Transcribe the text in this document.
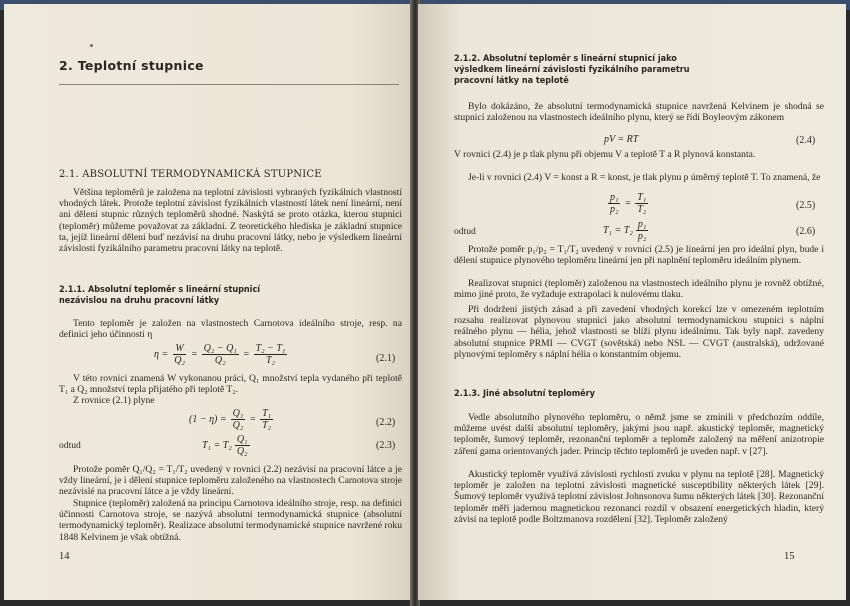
2. Teplotní stupnice

2.1. ABSOLUTNÍ TERMODYNAMICKÁ STUPNICE

Většina teploměrů je založena na teplotní závislosti vybraných fyzikálních vlastností vhodných látek. Protože teplotní závislost fyzikálních vlastností látek není lineární, není ani dělení stupnic různých teploměrů shodné. Naskýtá se proto otázka, kterou stupnici (teploměr) můžeme považovat za základní. Z teoretického hlediska je základní stupnice ta, jejíž lineární dělení buď nezávisí na druhu pracovní látky, nebo je výsledkem lineární závislosti fyzikálního parametru pracovní látky na teplotě.

2.1.1. Absolutní teploměr s lineární stupnicí nezávislou na druhu pracovní látky

Tento teploměr je založen na vlastnostech Carnotova ideálního stroje, resp. na definici jeho účinnosti η

$\eta = \frac{W}{\text{Q₂}} = \frac{\text{Q₂ − Q₁}}{\text{Q₂}} = \frac{\text{T₂ − T₁}}{\text{T₂}}$	(2.1)

V této rovnici znamená W vykonanou práci, Q₁ množství tepla vydaného při teplotě T₁ a Q₂ množství tepla přijatého při teplotě T₂.

Z rovnice (2.1) plyne

$(1 - \eta) = \frac{\text{Q₁}}{\text{Q₂}} = \frac{\text{T₁}}{\text{T₂}}$	(2.2)
odtud	$T_1 = T_2 \frac{\text{Q₁}}{\text{Q₂}}$	(2.3)

Protože poměr Q₁/Q₂ = T₁/T₂ uvedený v rovnici (2.2) nezávisí na pracovní látce a je vždy lineární, je i dělení stupnice teploměru založeného na vlastnostech Carnotova stroje nezávislé na pracovní látce a je vždy lineární.

Stupnice (teploměr) založená na principu Carnotova ideálního stroje, resp. na definici účinnosti Carnotova stroje, se nazývá absolutní termodynamická stupnice (absolutní termodynamický teploměr). Realizace absolutní termodynamické stupnice navržené roku 1848 Kelvinem je však obtížná.

14

2.1.2. Absolutní teploměr s lineární stupnicí jako výsledkem lineární závislosti fyzikálního parametru pracovní látky na teplotě

Bylo dokázáno, že absolutní termodynamická stupnice navržená Kelvinem je shodná se stupnicí založenou na vlastnostech ideálního plynu, který se řídí Boyleovým zákonem

pV = RT	(2.4)

V rovnici (2.4) je p tlak plynu při objemu V a teplotě T a R plynová konstanta.

Je-li v rovnici (2.4) V = konst a R = konst, je tlak plynu p úměrný teplotě T. To znamená, že

$\frac{\text{p₁}}{\text{p₂}} = \frac{\text{T₁}}{\text{T₂}}$	(2.5)
odtud	$T_1 = T_2 \frac{\text{p₁}}{\text{p₂}}$	(2.6)

Protože poměr p₁/p₂ = T₁/T₂ uvedený v rovnici (2.5) je lineární jen pro ideální plyn, bude i dělení stupnice plynového teploměru lineární jen při naplnění teploměru ideálním plynem.

Realizovat stupnici (teploměr) založenou na vlastnostech ideálního plynu je rovněž obtížné, mimo jiné proto, že vyžaduje extrapolaci k nulovému tlaku.

Při dodržení jistých zásad a při zavedení vhodných korekcí lze v omezeném teplotním rozsahu realizovat plynovou stupnici jako absolutní termodynamickou stupnici s náplní reálného plynu — hélia, jehož vlastnosti se blíží plynu ideálnímu. Tak byly např. zavedeny absolutní stupnice PRMI — CVGT (sovětská) nebo NSL — CVGT (australská), udržované plynovými teploměry s náplní hélia o konstantním objemu.

2.1.3. Jiné absolutní teploměry

Vedle absolutního plynového teploměru, o němž jsme se zmínili v předchozím oddíle, můžeme uvést další absolutní teploměry, jakými jsou např. akustický teploměr, magnetický teploměr, šumový teploměr, rezonanční teploměr a teploměr založený na měření anizotropie záření gama orientovaných jader. Princip těchto teploměrů je uveden např. v [27].

Akustický teploměr využívá závislosti rychlosti zvuku v plynu na teplotě [28]. Magnetický teploměr je založen na teplotní závislosti magnetické susceptibility některých látek [29]. Šumový teploměr využívá teplotní závislost Johnsonova šumu některých látek [30]. Rezonanční teploměr měří jadernou magnetickou rezonanci rozdíl v obsazení energetických hladin, který závisí na teplotě podle Boltzmanova rozdělení [32]. Teploměr založený

15
